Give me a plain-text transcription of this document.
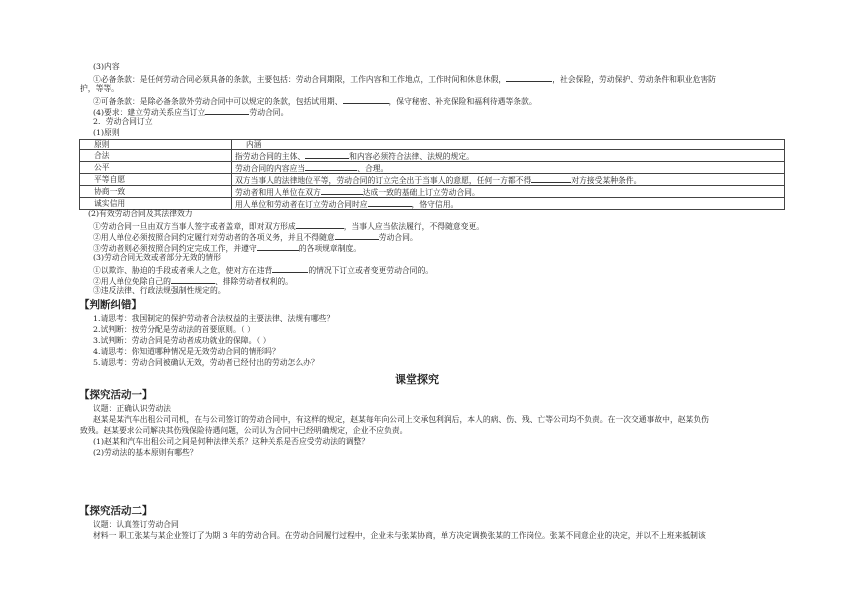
(3)内容
①必备条款：是任何劳动合同必须具备的条款，主要包括：劳动合同期限，工作内容和工作地点，工作时间和休息休假，	，社会保险，劳动保护、劳动条件和职业危害防
护，等等。
②可备条款：是除必备条款外劳动合同中可以规定的条款，包括试用期、	，保守秘密、补充保险和福利待遇等条款。
(4)要求：建立劳动关系应当订立	劳动合同。
2．劳动合同订立
(1)原则
原则	内涵
合法	指劳动合同的主体、 和内容必须符合法律、法规的规定。
公平	劳动合同的内容应当 、合理。
平等自愿	双方当事人的法律地位平等，劳动合同的订立完全出于当事人的意愿，任何一方都不得 对方接受某种条件。
协商一致	劳动者和用人单位在双方 达成一致的基础上订立劳动合同。
诚实信用	用人单位和劳动者在订立劳动合同时应 ，恪守信用。
(2)有效劳动合同及其法律效力
①劳动合同一旦由双方当事人签字或者盖章，即对双方形成	，当事人应当依法履行，不得随意变更。
②用人单位必须按照合同约定履行对劳动者的各项义务，并且不得随意	劳动合同。
③劳动者则必须按照合同约定完成工作，并遵守	的各项规章制度。
(3)劳动合同无效或者部分无效的情形
①以欺诈、胁迫的手段或者乘人之危，使对方在违背	的情况下订立或者变更劳动合同的。
②用人单位免除自己的	、排除劳动者权利的。
③违反法律、行政法规强制性规定的。
【判断纠错】
1.请思考：我国制定的保护劳动者合法权益的主要法律、法规有哪些？
2.试判断：按劳分配是劳动法的首要原则。（ ）
3.试判断：劳动合同是劳动者成功就业的保障。（ ）
4.请思考：你知道哪种情况是无效劳动合同的情形吗？
5.请思考：劳动合同被确认无效，劳动者已经付出的劳动怎么办？
课堂探究
【探究活动一】
议题：正确认识劳动法
赵某是某汽车出租公司司机，在与公司签订的劳动合同中，有这样的规定，赵某每年向公司上交承包利润后，本人的病、伤、残、亡等公司均不负责。在一次交通事故中，赵某负伤
致残。赵某要求公司解决其伤残保险待遇问题，公司认为合同中已经明确规定，企业不应负责。
(1)赵某和汽车出租公司之间是何种法律关系？这种关系是否应受劳动法的调整？
(2)劳动法的基本原则有哪些？
【探究活动二】
议题：认真签订劳动合同
材料一 职工张某与某企业签订了为期 3 年的劳动合同。在劳动合同履行过程中，企业未与张某协商，单方决定调换张某的工作岗位。张某不同意企业的决定，并以不上班来抵制该
